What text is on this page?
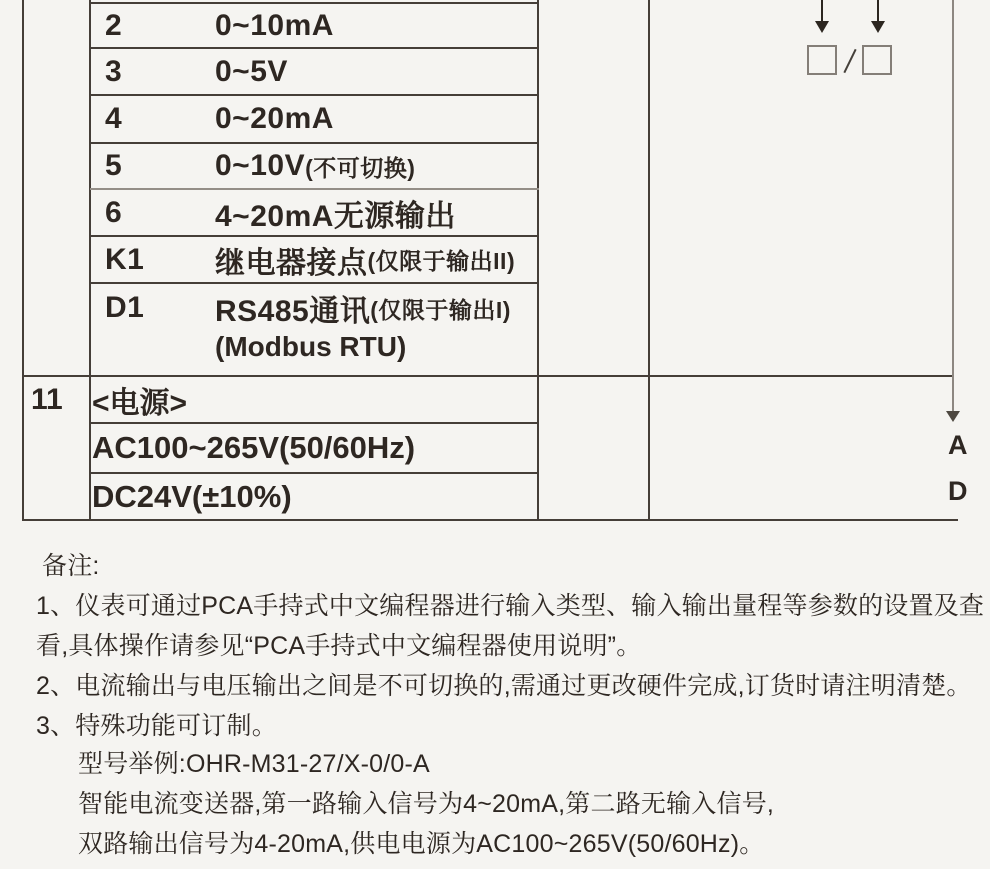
2	0~10mA
3	0~5V
4	0~20mA
5	0~10V (不可切换)
6	4~20mA无源输出
K1	继电器接点 (仅限于输出II)
D1	RS485通讯 (仅限于输出I)
(Modbus RTU)
11 <电源>
AC100~265V(50/60Hz)
DC24V(±10%)
A
D
备注:
1、仪表可通过PCA手持式中文编程器进行输入类型、输入输出量程等参数的设置及查
看,具体操作请参见“PCA手持式中文编程器使用说明”。
2、电流输出与电压输出之间是不可切换的,需通过更改硬件完成,订货时请注明清楚。
3、特殊功能可订制。
型号举例:OHR-M31-27/X-0/0-A
智能电流变送器,第一路输入信号为4~20mA,第二路无输入信号,
双路输出信号为4-20mA,供电电源为AC100~265V(50/60Hz)。
